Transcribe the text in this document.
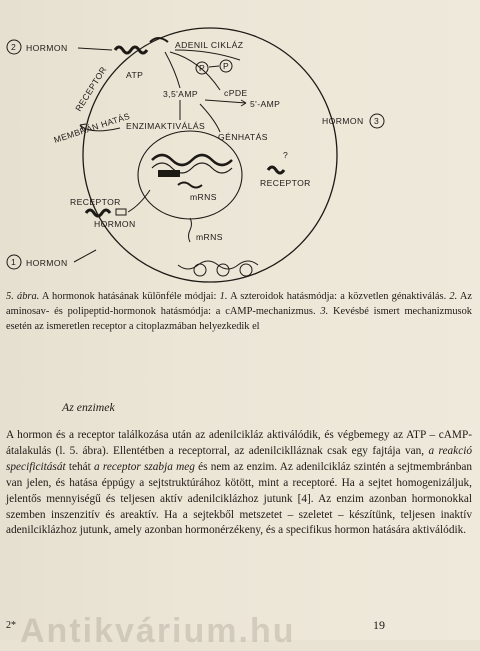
2 HORMON	ADENIL CIKLÁZ
RECEPTOR ATP
P P
3,5'AMP	cPDE
5'-AMP
ENZIMAKTIVÁLÁS
GÉNHATÁS
MEMBRÁN HATÁS
mRNS
HORMON 3
?
RECEPTOR
RECEPTOR
HORMON
mRNS
1 HORMON
5. ábra. A hormonok hatásának különféle módjai: 1. A szteroidok hatásmódja: a közvetlen génaktiválás. 2. Az aminosav- és polipeptid-hormonok hatásmódja: a cAMP-mechanizmus. 3. Kevésbé ismert mechanizmusok esetén az ismeretlen receptor a citoplazmában helyezkedik el
Az enzimek

A hormon és a receptor találkozása után az adenilcikláz aktiválódik, és végbemegy az ATP – cAMP-átalakulás (l. 5. ábra). Ellentétben a receptorral, az adenilciklláznak csak egy fajtája van, a reakció specificitását tehát a receptor szabja meg és nem az enzim. Az adenilcikláz szintén a sejtmembránban van jelen, és hatása éppúgy a sejtstruktúrához kötött, mint a receptoré. Ha a sejtet homogenizáljuk, jelentős mennyiségű és teljesen aktív adenilciklázhoz jutunk [4]. Az enzim azonban hormonokkal szemben inszenzitív és areaktív. Ha a sejtekből metszetet – szeletet – készítünk, teljesen inaktív adenilciklázhoz jutunk, amely azonban hormonérzékeny, és a specifikus hormon hatására aktiválódik.

Antikvárium.hu
2*	19
